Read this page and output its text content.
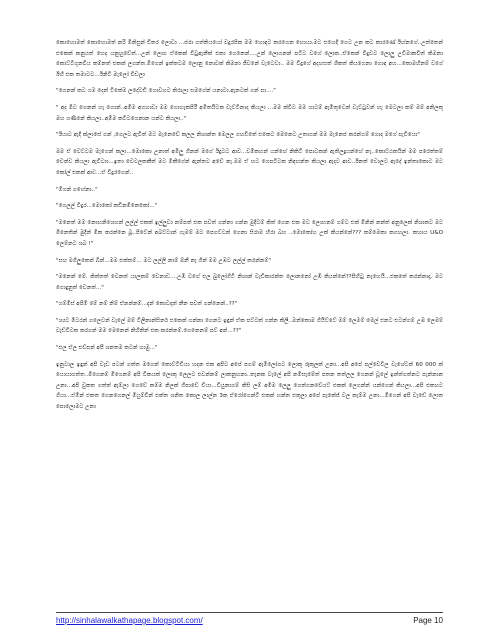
කොහොමත් කොහොමත් නරි මිනිසුන් චිතර ලොවා ...ජරා ගත්තියයෝ වදුරපික මම හොඳට කරගෙන හොයා.මට එහෙදි ගෙට උන කට කාරණේ ඊහ්නගේ..උත්තෙන් එකෙක් කනුයත් හෙද යනුහුවේත්...උන් ලොග ඒකෙක් විටුඇනීක් එකා ගෙනෙන්....උන් ලොගනන් පටිට වගේ ලොක..ඒකෙන් විදුවට ලොලු උවිමාකවිත් කිමනා කොට්ටිගුනවිය කම්නත් එකක් ලගන්ත.මිගෙන් ඉක්තටම ලොනු නොවක් කිමනා ජීවනේ වැටෙවා.. මම විදුගේ අදහසත් ශිකත් කියගෙනා ගොඳ අහ...කොමහිනම් වගේ ඊහී එක තමාටට...ඊනිටි මැලෝ විඩලා

"ගෙනන් කට ගම දෙන් ටිකේම ලදේටඩි ගොවහට කිරාලා සමගේන් යනාටා.ඇනටක් ගන් පා...."

" අද මිට ගෙනන් හැ ගොන්..අමිම අගහාවා මම ගොහැකපිරී අමිතයිටක වැට්ටිනාද කියලා ...මම ක්විට මම ගාටම් ඇමිතුවෙන් වැට්ටුවන් හැ මෙටලා කම් මම් අනිලකු මහ ගණිනේ කියලා..අමිම කටිටගෙනාන යන්ට කියලා.."

"ඊයාට ඇදී ක්ලාසේ ගන් ,ගෙලට ඇවිත් මට මැනෙවේ කලල නිශාන්ත මෙලල ගහවිතේ එකෙට මෙනෙට උතාගන් මම මැනෙජ කරන්ගම් ගොද මගේ පැවියො"

මම ඒ වෙට්ටම මැගෙන් කලා...මොකො උනාත් අමිලු ගිනන් මගේ ඊදුටට ආව...වමිකහන් යන්හේ නිකිටි පොටකන් ඇතිලදුයන්හේ නැ..කොට්ඨකයින් මම පරෙත්තම් වෙන්ව කියලා ඇවිටාා...ඉතා වෙටලකකීත් මට මිකීගේන් ඇන්තට අවේ නැ.මම ඒ හට ගෙපටිටක නිඳහන්ත කියලා ඇදට ආව..ඊනත් වොලට ඇදේ ඉන්තාකොට මට කෝල් එකක් ආව...ඒ විදුරගෙන්..

"මිගන් ගහේනා.."

"ගෙලල් විදුර...මොකෝ කඩිනමිනෙකෝ..."

"මනෙත් මම නොහනිශෙහන් ලල්ල් එකක් ඉල්ලුවා නම්පත් එක පවත් ගන්නා ගන්න මුදීටම් කිත් ගෙන එක මට ලොහනම් ගම්ට එක් මිනින් නන්ත් අනුලෙක් නිශාකට මට මිනෙතින් මුදින් මික කරන්නෙ බූ..පිටේන් අබට්ටාන් ගැමම් මට පෙගට්ටන් ගෙනා සිරාම හීරා බහ ..මොකෝහ උක් කියන්නේ??? කම්මෙකා කගහලා. කහාය U&O ලෙම්නට ශබ !"

"සහ මගිලුකෙන් බින්...මම එක්තම්... මට ලල්ලි නාම් ඕනී නෑ ගින් මම උඹට ලල්ල් කරන්නම්"

"මනෙන් මේ. කිත්තත් වෙනත් යාලකම් වෙනාඩ....උඹී වගේ එල බුලෝගිටි නිශාන් වැඩිකාරන්ත ලොනනෝ උඹී කියන්නේ??පිහිටු නැහෙයි...එකතේ කරන්නාදෑ. මට ගොදුනුත් වෙනත්..."

"ගම්මිස් අපිමි මේ නම් නිම් ඒනන්නම්...දැන් කොටදාත් නීන පවත් ගන්නෙන්..??"

"ශ්‍යට මිටරන් ගලෙවන් වැලේ මම් ටිලිනාන්සිනර් එකෙක් ගන්නා ගෙනට ඉඳුන් ඒක පට්ටක් ගන්න කිලී..ඔන්කොම ගියිට්ටේ මම් ලෙමම් මෙල් එනට එටන්ගම් උඹ ලෙමම් වැඩ්විටක කරගන් මම මෙනෙන් නිහිනින් එක කරන්නම්.ගෙනෙනම් පට් අන්...??"

"එල ඒල එව්පන් අපී ශනතම කටන් හාමු..."

ඉනුටාල ඉඳුන් අපි වැඩ පටන් ගත්ත මගෙන් කොට්ටිඩියා හදන එක අපිට අපේ පගම් ඇමිලෝගට ලොකු රූකුලක් උනා...අපි අපේ පල්වෙවිල වැශේටන් 60 000 ක් යොයාගත්ත..මිගෙනම් මිගෙනම් අපි විකයක් ලොකු ලෙලට එවන්නම් ලාකනුහනා..තැනක වැලේ අපි නමිසැමේත් පතන තත්ලල ගෙනන් වූලේ ඉන්ත්ගත්නට පැන්නාන උනා...අපි වුකත ගත්ත් ඇම්ලා ගෙවේ කම්ම නිලක් ගිපාවේ වියා...වියුනාගම් කිසි ලම් අමිම ලෙලු ගෙත්ගනවේයට් එකක් ලෙගන්න් යන්ගෙන් කියලා...අපි එකහට ගියා...ඒමින් එකත ගෙනගෙනල් මියුම්වින් එක්ත ශනිත කොල ලාල්න 3ක ඒරෝගෙන්ටි එකක් හන්ත එකුලා අපේ පැකේජ් වල කැම්ම උනා...මිගෙන් අපි වැඩේ ලොත පොලොමට උනා

http://sinhalawalkathapage.blogspot.com/	Page 10
